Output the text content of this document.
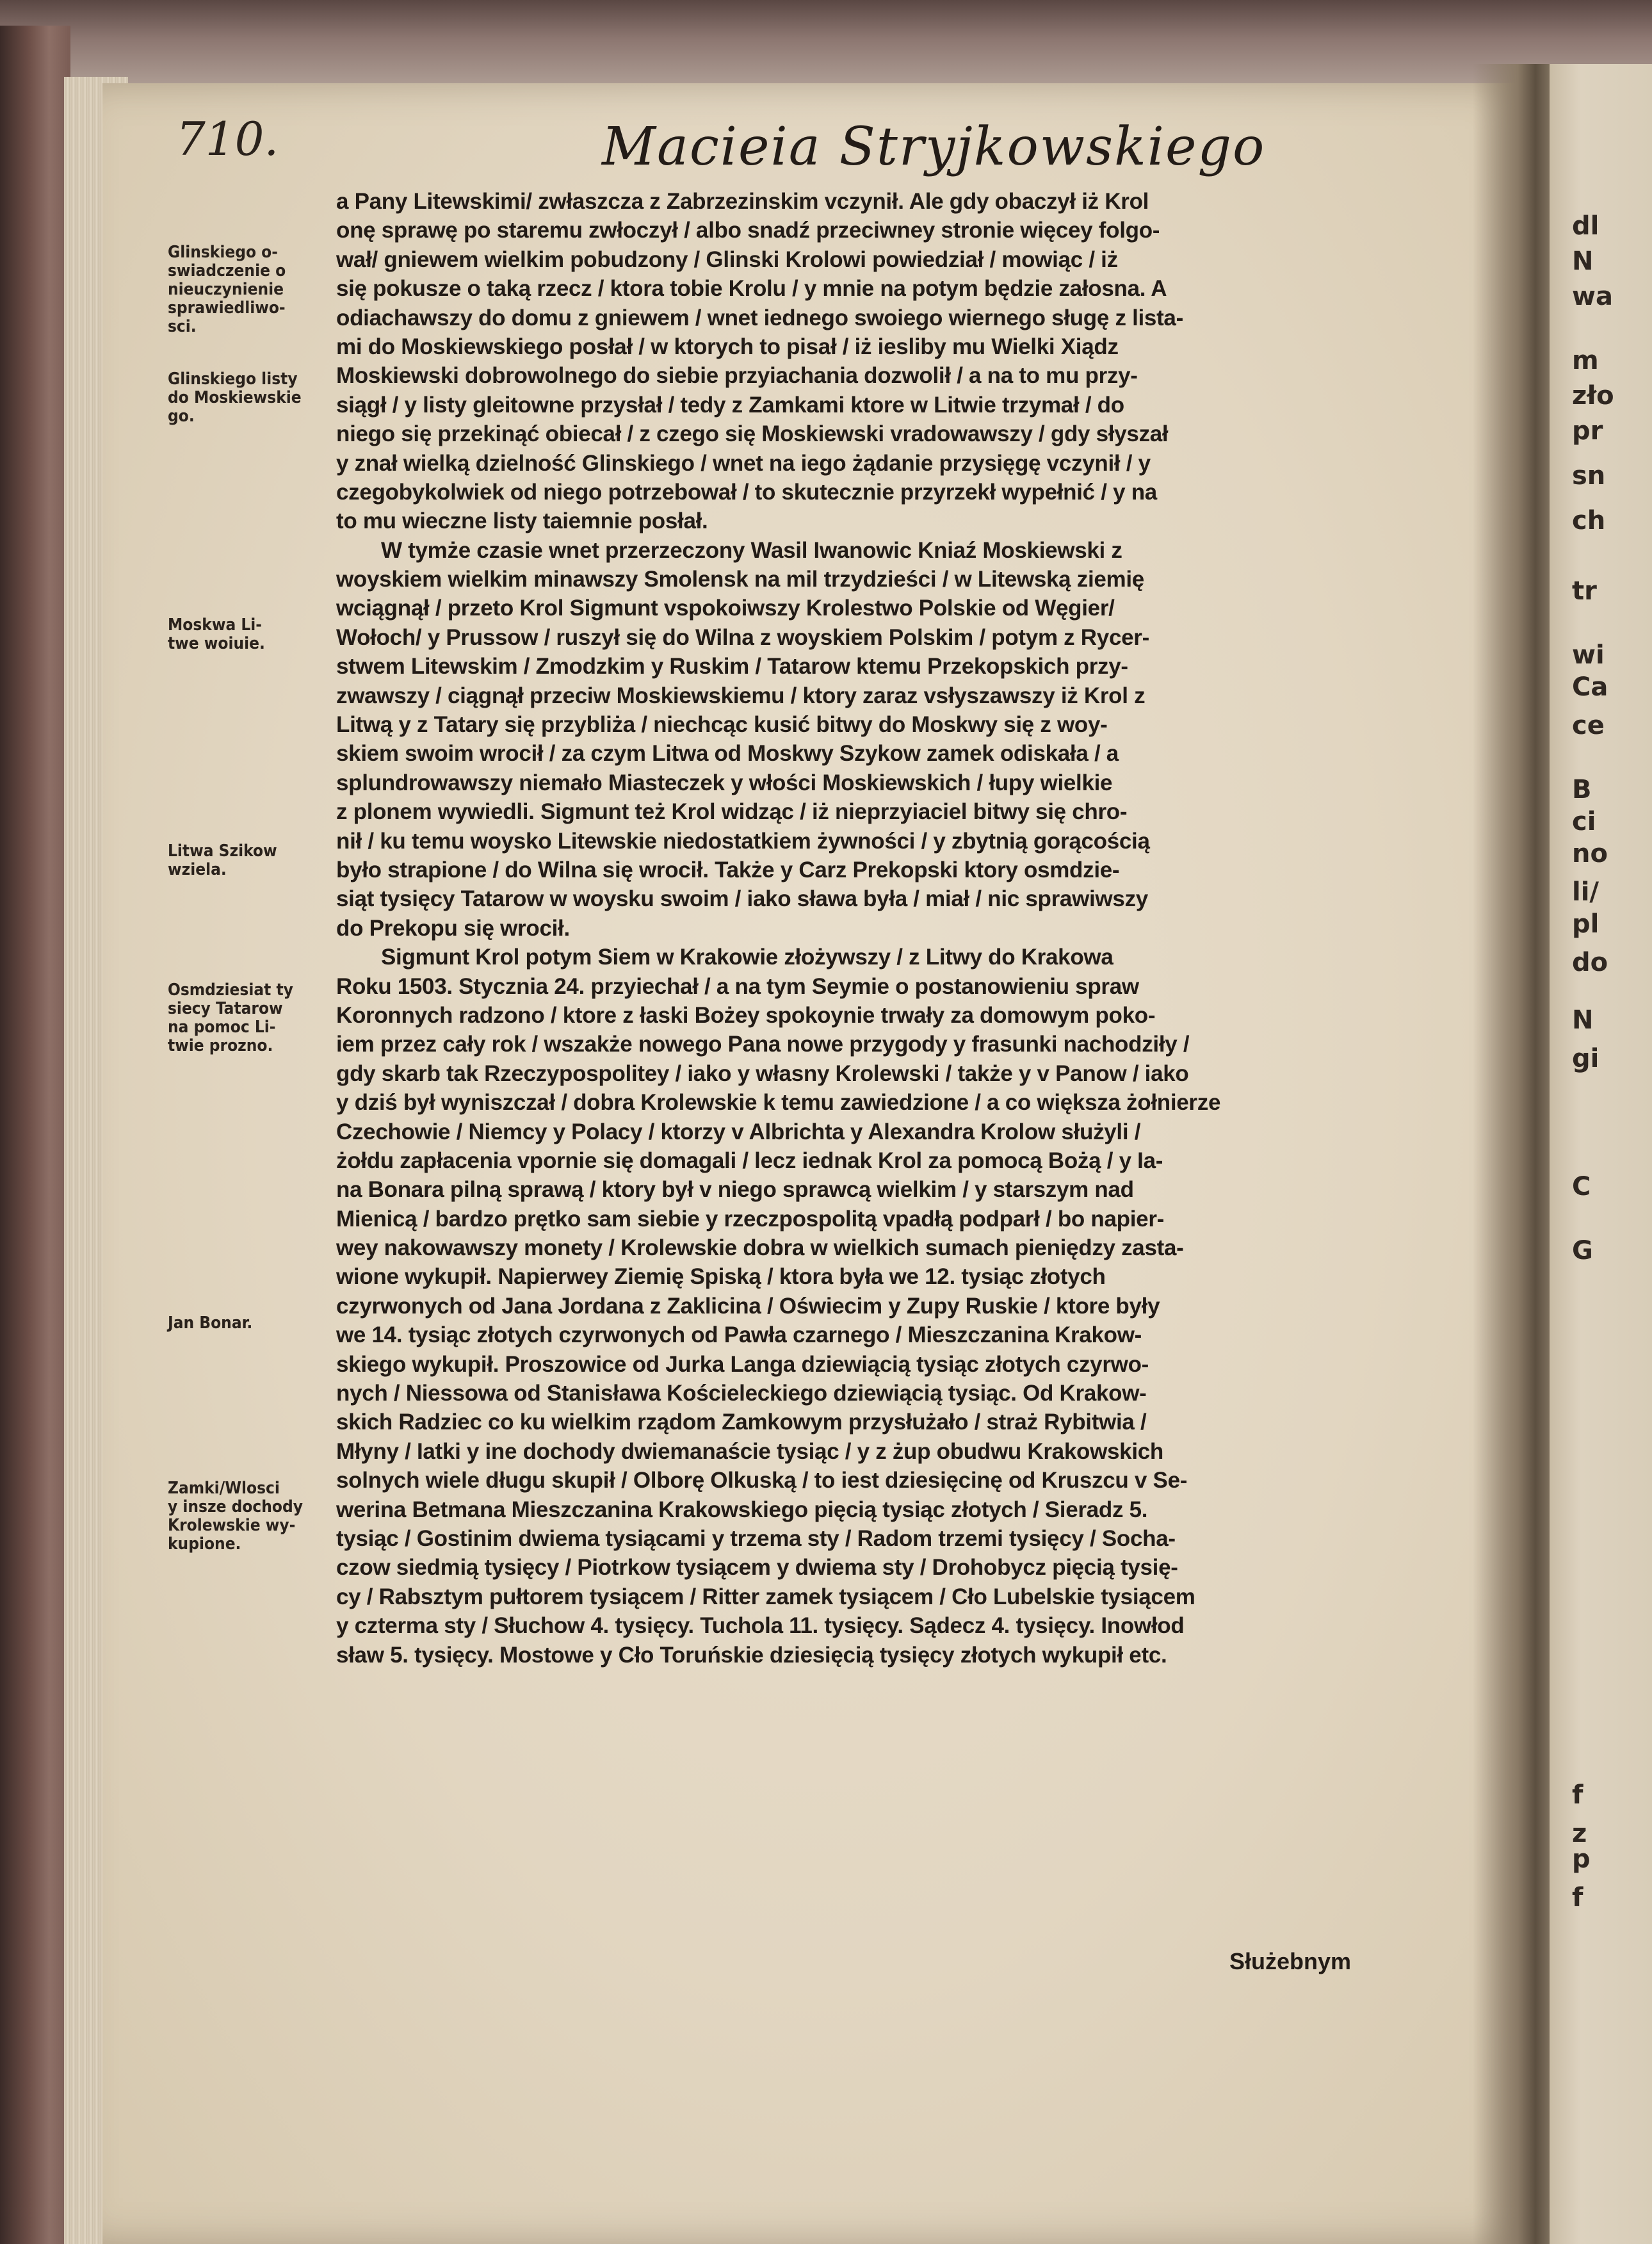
710.	Macieia Stryjkowskiego
Glinskiego o-
swiadczenie o
nieuczynienie
sprawiedliwo-
sci.
Glinskiego listy
do Moskiewskie
go.
Moskwa Li-
twe woiuie.
Litwa Szikow
wziela.
Osmdziesiat ty
siecy Tatarow
na pomoc Li-
twie prozno.
Jan Bonar.
Zamki/Wlosci
y insze dochody
Krolewskie wy-
kupione.
a Pany Litewskimi/ zwłaszcza z Zabrzezinskim vczynił. Ale gdy obaczył iż Krol
onę sprawę po staremu zwłoczył / albo snadź przeciwney stronie więcey folgo-
wał/ gniewem wielkim pobudzony / Glinski Krolowi powiedział / mowiąc / iż
się pokusze o taką rzecz / ktora tobie Krolu / y mnie na potym będzie załosna. A
odiachawszy do domu z gniewem / wnet iednego swoiego wiernego sługę z lista-
mi do Moskiewskiego posłał / w ktorych to pisał / iż iesliby mu Wielki Xiądz
Moskiewski dobrowolnego do siebie przyiachania dozwolił / a na to mu przy-
siągł / y listy gleitowne przysłał / tedy z Zamkami ktore w Litwie trzymał / do
niego się przekinąć obiecał / z czego się Moskiewski vradowawszy / gdy słyszał
y znał wielką dzielność Glinskiego / wnet na iego żądanie przysięgę vczynił / y
czegobykolwiek od niego potrzebował / to skutecznie przyrzekł wypełnić / y na
to mu wieczne listy taiemnie posłał.
W tymże czasie wnet przerzeczony Wasil Iwanowic Kniaź Moskiewski z
woyskiem wielkim minawszy Smolensk na mil trzydzieści / w Litewską ziemię
wciągnął / przeto Krol Sigmunt vspokoiwszy Krolestwo Polskie od Węgier/
Wołoch/ y Prussow / ruszył się do Wilna z woyskiem Polskim / potym z Rycer-
stwem Litewskim / Zmodzkim y Ruskim / Tatarow ktemu Przekopskich przy-
zwawszy / ciągnął przeciw Moskiewskiemu / ktory zaraz vsłyszawszy iż Krol z
Litwą y z Tatary się przybliża / niechcąc kusić bitwy do Moskwy się z woy-
skiem swoim wrocił / za czym Litwa od Moskwy Szykow zamek odiskała / a
splundrowawszy niemało Miasteczek y włości Moskiewskich / łupy wielkie
z plonem wywiedli. Sigmunt też Krol widząc / iż nieprzyiaciel bitwy się chro-
nił / ku temu woysko Litewskie niedostatkiem żywności / y zbytnią gorącością
było strapione / do Wilna się wrocił. Także y Carz Prekopski ktory osmdzie-
siąt tysięcy Tatarow w woysku swoim / iako sława była / miał / nic sprawiwszy
do Prekopu się wrocił.
Sigmunt Krol potym Siem w Krakowie złożywszy / z Litwy do Krakowa
Roku 1503. Stycznia 24. przyiechał / a na tym Seymie o postanowieniu spraw
Koronnych radzono / ktore z łaski Bożey spokoynie trwały za domowym poko-
iem przez cały rok / wszakże nowego Pana nowe przygody y frasunki nachodziły /
gdy skarb tak Rzeczypospolitey / iako y własny Krolewski / także y v Panow / iako
y dziś był wyniszczał / dobra Krolewskie k temu zawiedzione / a co większa żołnierze
Czechowie / Niemcy y Polacy / ktorzy v Albrichta y Alexandra Krolow służyli /
żołdu zapłacenia vpornie się domagali / lecz iednak Krol za pomocą Bożą / y Ia-
na Bonara pilną sprawą / ktory był v niego sprawcą wielkim / y starszym nad
Mienicą / bardzo prętko sam siebie y rzeczpospolitą vpadłą podparł / bo napier-
wey nakowawszy monety / Krolewskie dobra w wielkich sumach pieniędzy zasta-
wione wykupił. Napierwey Ziemię Spiską / ktora była we 12. tysiąc złotych
czyrwonych od Jana Jordana z Zaklicina / Oświecim y Zupy Ruskie / ktore były
we 14. tysiąc złotych czyrwonych od Pawła czarnego / Mieszczanina Krakow-
skiego wykupił. Proszowice od Jurka Langa dziewiącią tysiąc złotych czyrwo-
nych / Niessowa od Stanisława Kościeleckiego dziewiącią tysiąc. Od Krakow-
skich Radziec co ku wielkim rządom Zamkowym przysłużało / straż Rybitwia /
Młyny / Iatki y ine dochody dwiemanaście tysiąc / y z żup obudwu Krakowskich
solnych wiele długu skupił / Olborę Olkuską / to iest dziesięcinę od Kruszcu v Se-
werina Betmana Mieszczanina Krakowskiego pięcią tysiąc złotych / Sieradz 5.
tysiąc / Gostinim dwiema tysiącami y trzema sty / Radom trzemi tysięcy / Socha-
czow siedmią tysięcy / Piotrkow tysiącem y dwiema sty / Drohobycz pięcią tysię-
cy / Rabsztym pułtorem tysiącem / Ritter zamek tysiącem / Cło Lubelskie tysiącem
y czterma sty / Słuchow 4. tysięcy. Tuchola 11. tysięcy. Sądecz 4. tysięcy. Inowłod
sław 5. tysięcy. Mostowe y Cło Toruńskie dziesięcią tysięcy złotych wykupił etc.
Służebnym
dl
N
wa
m
zło
pr
sn
ch
tr
wi
Ca
ce
B
ci
no
li/
pl
do
N
gi
C
G
f
z
p
f
